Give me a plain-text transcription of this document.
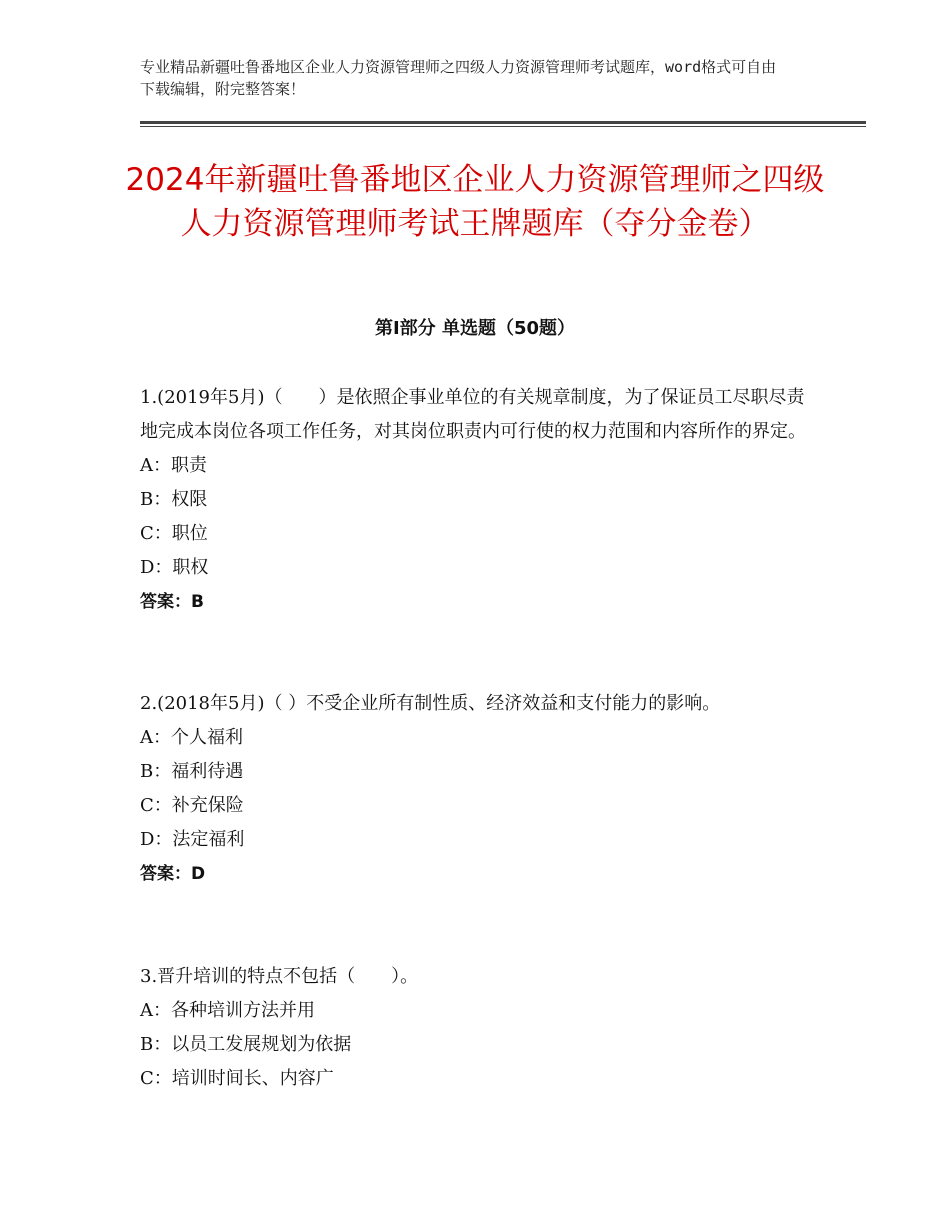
专业精品新疆吐鲁番地区企业人力资源管理师之四级人力资源管理师考试题库，word格式可自由下载编辑，附完整答案！
2024年新疆吐鲁番地区企业人力资源管理师之四级人力资源管理师考试王牌题库（夺分金卷）
第Ⅰ部分 单选题（50题）

1.(2019年5月)（　　）是依照企事业单位的有关规章制度，为了保证员工尽职尽责地完成本岗位各项工作任务，对其岗位职责内可行使的权力范围和内容所作的界定。

A：职责

B：权限

C：职位

D：职权

答案：B

2.(2018年5月)（ ）不受企业所有制性质、经济效益和支付能力的影响。

A：个人福利

B：福利待遇

C：补充保险

D：法定福利

答案：D

3.晋升培训的特点不包括（　　）。

A：各种培训方法并用

B：以员工发展规划为依据

C：培训时间长、内容广
